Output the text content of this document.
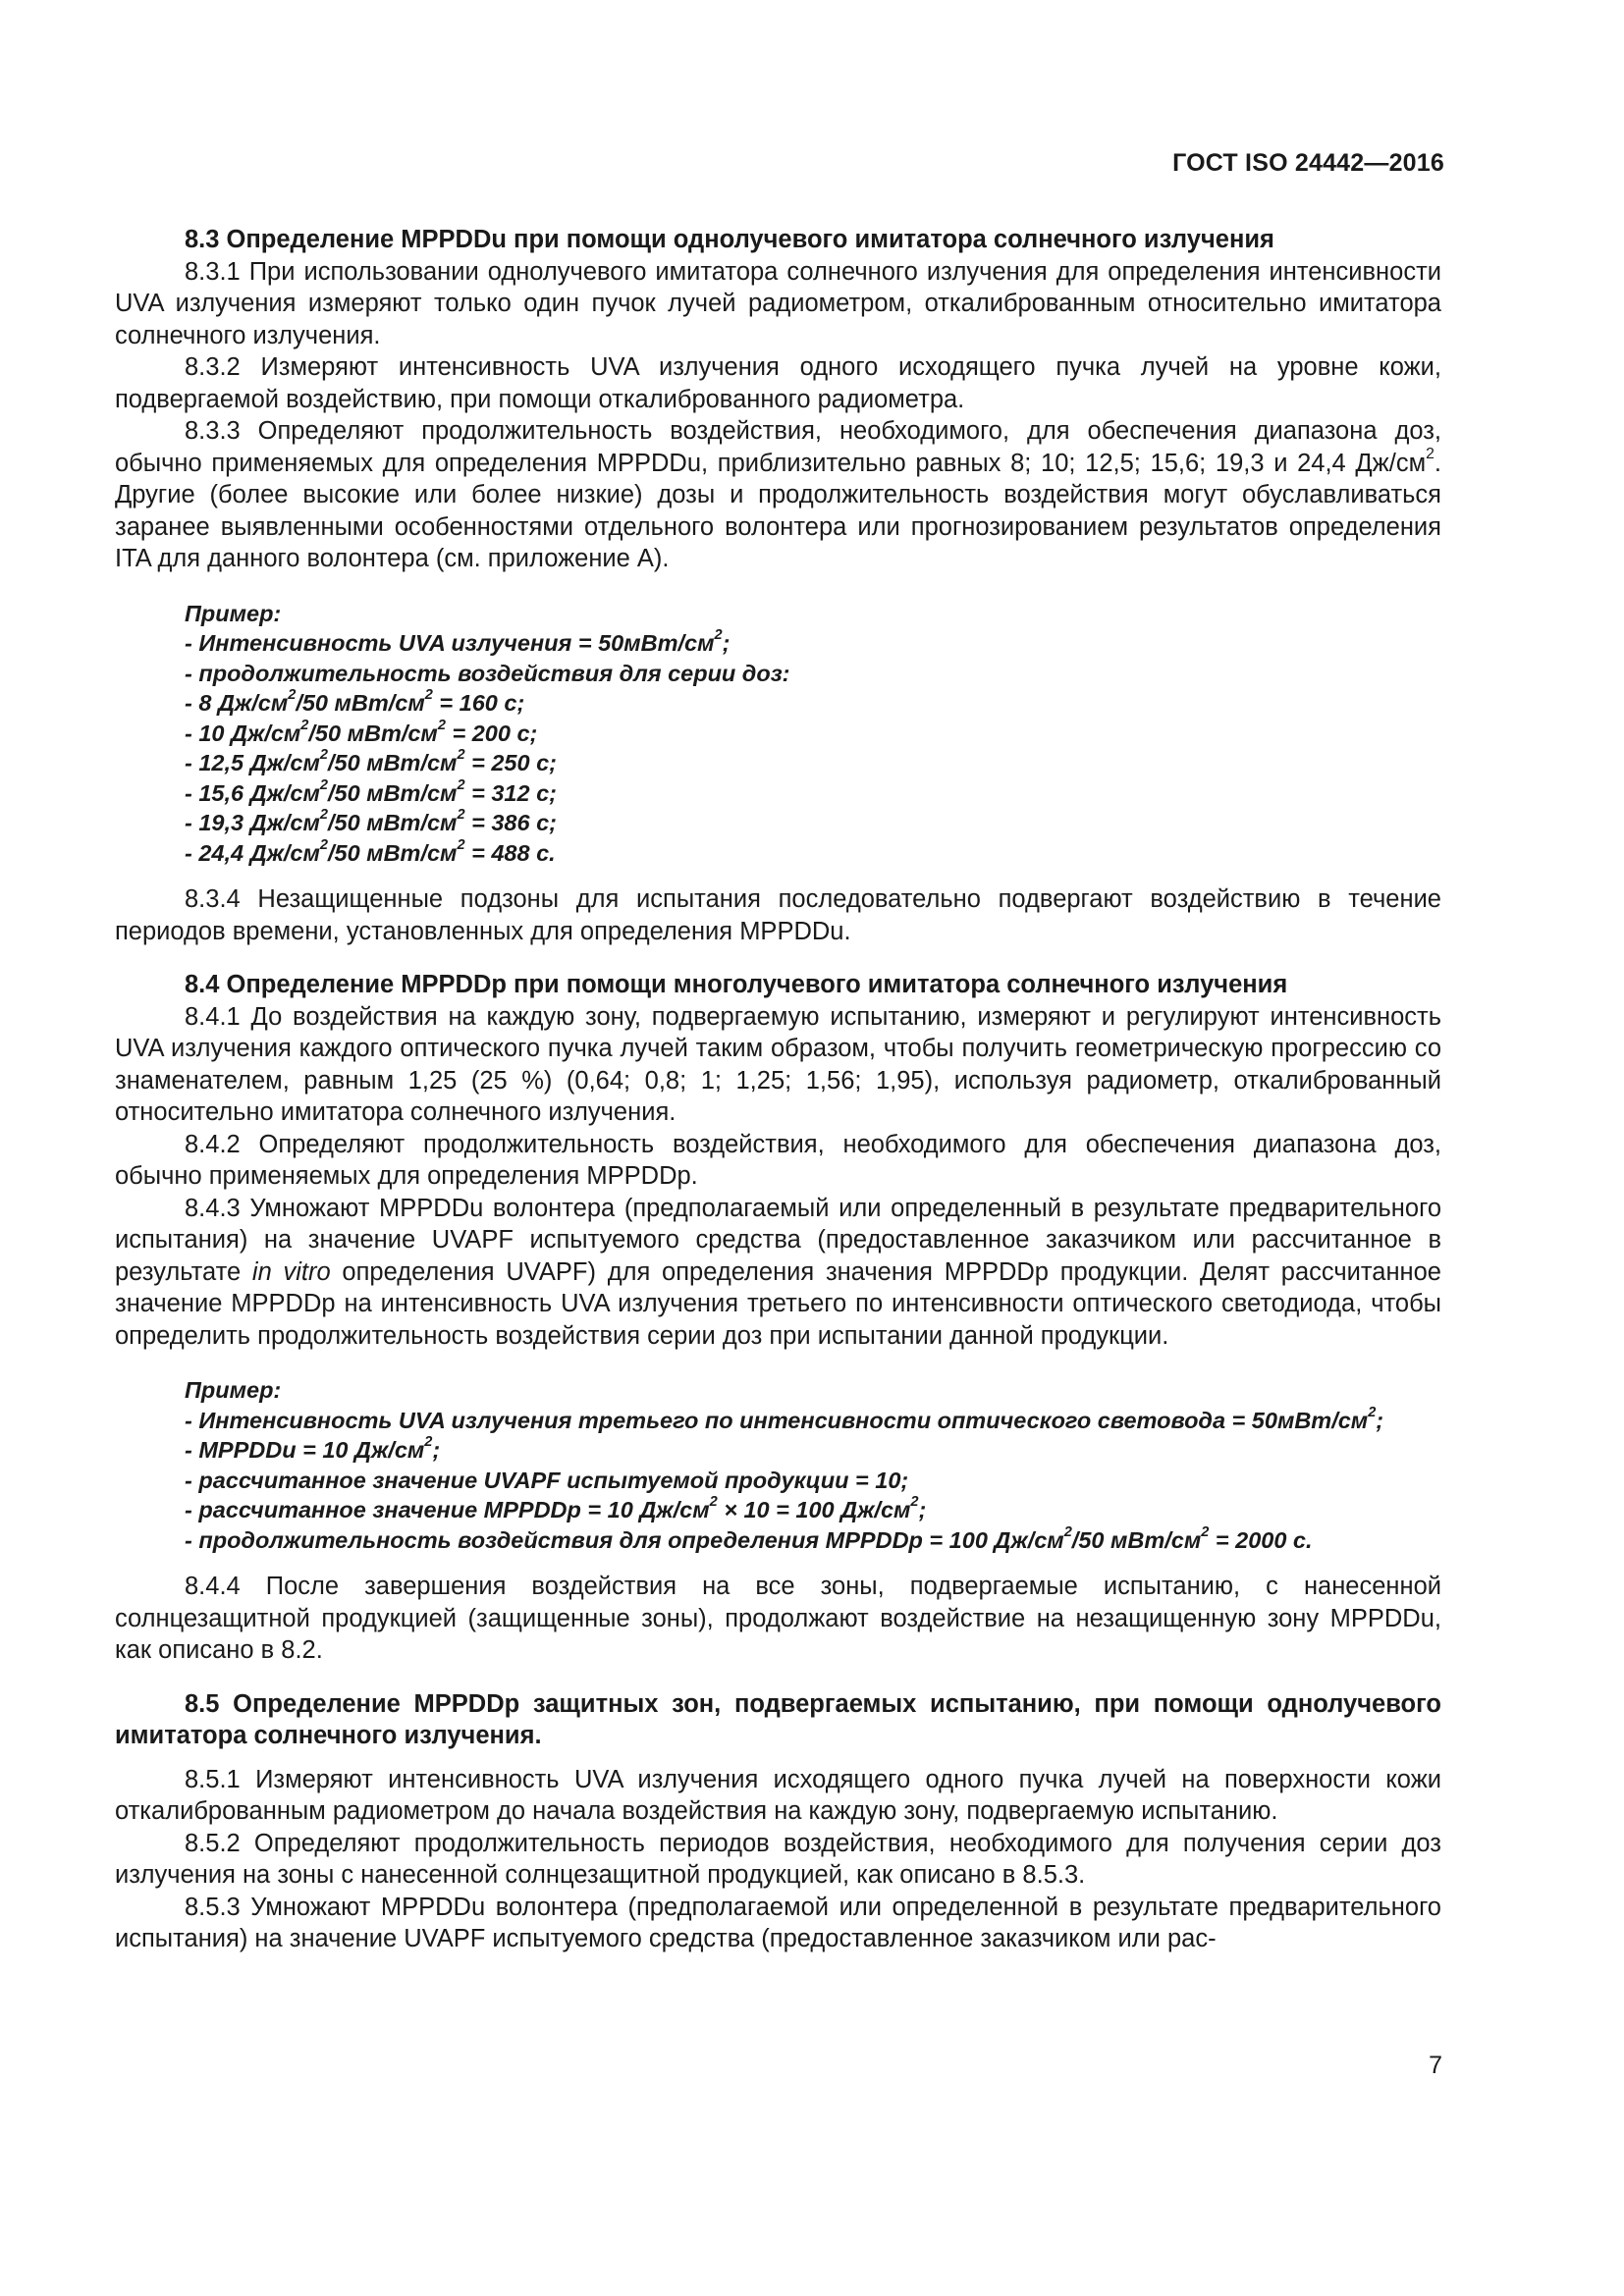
ГОСТ ISO 24442—2016

8.3 Определение MPPDDu при помощи однолучевого имитатора солнечного излучения

8.3.1 При использовании однолучевого имитатора солнечного излучения для определения интенсивности UVA излучения измеряют только один пучок лучей радиометром, откалиброванным относительно имитатора солнечного излучения.

8.3.2 Измеряют интенсивность UVA излучения одного исходящего пучка лучей на уровне кожи, подвергаемой воздействию, при помощи откалиброванного радиометра.

8.3.3 Определяют продолжительность воздействия, необходимого, для обеспечения диапазона доз, обычно применяемых для определения MPPDDu, приблизительно равных 8; 10; 12,5; 15,6; 19,3 и 24,4 $Дж/см^2$. Другие (более высокие или более низкие) дозы и продолжительность воздействия могут обуславливаться заранее выявленными особенностями отдельного волонтера или прогнозированием результатов определения ITA для данного волонтера (см. приложение А).

Пример:
- Интенсивность UVA излучения = $50мВт/см^2$;
- продолжительность воздействия для серии доз:
- 8 $Дж/см^2/50$ мВт/$см^2 = 160$ с;
- 10 $Дж/см^2/50$ мВт/$см^2 = 200$ с;
- 12,5 $Дж/см^2/50$ мВт/$см^2 = 250$ с;
- 15,6 $Дж/см^2/50$ мВт/$см^2 = 312$ с;
- 19,3 $Дж/см^2/50$ мВт/$см^2 = 386$ с;
- 24,4 $Дж/см^2/50$ мВт/$см^2 = 488$ с.

8.3.4 Незащищенные подзоны для испытания последовательно подвергают воздействию в течение периодов времени, установленных для определения MPPDDu.

8.4 Определение MPPDDp при помощи многолучевого имитатора солнечного излучения

8.4.1 До воздействия на каждую зону, подвергаемую испытанию, измеряют и регулируют интенсивность UVA излучения каждого оптического пучка лучей таким образом, чтобы получить геометрическую прогрессию со знаменателем, равным 1,25 (25 %) (0,64; 0,8; 1; 1,25; 1,56; 1,95), используя радиометр, откалиброванный относительно имитатора солнечного излучения.

8.4.2 Определяют продолжительность воздействия, необходимого для обеспечения диапазона доз, обычно применяемых для определения MPPDDp.

8.4.3 Умножают MPPDDu волонтера (предполагаемый или определенный в результате предварительного испытания) на значение UVAPF испытуемого средства (предоставленное заказчиком или рассчитанное в результате in vitro определения UVAPF) для определения значения MPPDDp продукции. Делят рассчитанное значение MPPDDp на интенсивность UVA излучения третьего по интенсивности оптического светодиода, чтобы определить продолжительность воздействия серии доз при испытании данной продукции.

Пример:
- Интенсивность UVA излучения третьего по интенсивности оптического световода = $50мВт/см^2$;
- MPPDDu = 10 $Дж/см^2$;
- рассчитанное значение UVAPF испытуемой продукции = 10;
- рассчитанное значение MPPDDp = 10 $Дж/см^2 \times 10 = 100$ $Дж/см^2$;
- продолжительность воздействия для определения MPPDDp = 100 $Дж/см^2/50$ мВт/$см^2 = 2000$ с.

8.4.4 После завершения воздействия на все зоны, подвергаемые испытанию, с нанесенной солнцезащитной продукцией (защищенные зоны), продолжают воздействие на незащищенную зону MPPDDu, как описано в 8.2.

8.5 Определение MPPDDp защитных зон, подвергаемых испытанию, при помощи однолучевого имитатора солнечного излучения.

8.5.1 Измеряют интенсивность UVA излучения исходящего одного пучка лучей на поверхности кожи откалиброванным радиометром до начала воздействия на каждую зону, подвергаемую испытанию.

8.5.2 Определяют продолжительность периодов воздействия, необходимого для получения серии доз излучения на зоны с нанесенной солнцезащитной продукцией, как описано в 8.5.3.

8.5.3 Умножают MPPDDu волонтера (предполагаемой или определенной в результате предварительного испытания) на значение UVAPF испытуемого средства (предоставленное заказчиком или рас-

7
